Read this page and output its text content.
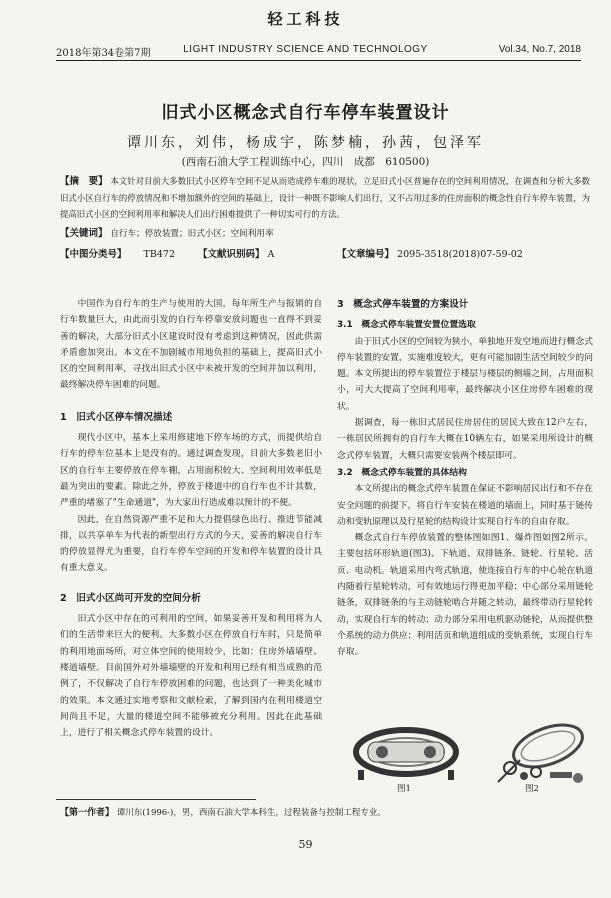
轻工科技
2018年第34卷第7期	LIGHT INDUSTRY SCIENCE AND TECHNOLOGY	Vol.34, No.7, 2018
旧式小区概念式自行车停车装置设计
谭川东，刘伟，杨成宇，陈梦楠，孙茜，包泽军
(西南石油大学工程训练中心，四川　成都　610500)
【摘　要】 本文针对目前大多数旧式小区停车空间不足从而造成停车难的现状，立足旧式小区普遍存在的空间利用情况，在调查和分析大多数旧式小区自行车的停放情况和不增加额外的空间的基础上，设计一种既不影响人们出行，又不占用过多的住房面积的概念性自行车停车装置，为提高旧式小区的空间利用率和解决人们出行困难提供了一种切实可行的方法。
【关键词】 自行车；停放装置；旧式小区；空间利用率
【中图分类号】 TB472 【文献识别码】 A	【文章编号】 2095-3518(2018)07-59-02

中国作为自行车的生产与使用的大国，每年所生产与报销的自行车数量巨大，由此而引发的自行车停靠安放问题也一直得不到妥善的解决，大部分旧式小区建设时没有考虑到这种情况，因此供需矛盾愈加突出。本文在不加剧城市用地负担的基础上，提高旧式小区的空间利用率，寻找出旧式小区中未被开发的空间并加以利用，最终解决停车困难的问题。

1　旧式小区停车情况描述

现代小区中，基本上采用修建地下停车场的方式，而提供给自行车的停车位基本上是没有的。通过调查发现，目前大多数老旧小区的自行车主要停放在停车棚，占用面积较大、空间利用效率低是最为突出的要素。除此之外，停放于楼道中的自行车也不计其数，严重的堵塞了"生命通道"，为大家出行造成难以预计的不便。

因此，在自然资源严重不足和大力提倡绿色出行、推进节能减排，以共享单车为代表的新型出行方式的今天，妥善的解决自行车的停放显得尤为重要，自行车停车空间的开发和停车装置的设计具有重大意义。

2　旧式小区尚可开发的空间分析

旧式小区中存在的可利用的空间，如果妥善开发和利用将为人们的生活带来巨大的便利。大多数小区在停放自行车时，只是简单的利用地面场所，对立体空间的使用较少，比如：住房外墙墙壁、楼道墙壁。目前国外对外墙墙壁的开发和利用已经有相当成熟的范例了，不仅解决了自行车停放困难的问题，也达到了一种美化城市的效果。本文通过实地考察和文献检索，了解到国内在利用楼道空间尚且不足，大量的楼道空间不能够被充分利用。因此在此基础上，进行了相关概念式停车装置的设计。

3　概念式停车装置的方案设计
3.1　概念式停车装置安置位置选取

由于旧式小区的空间较为狭小，单独地开发空地而进行概念式停车装置的安置，实施难度较大，更有可能加剧生活空间较少的问题。本文所提出的停车装置位于楼层与楼层的侧墙之间，占用面积小，可大大提高了空间利用率，最终解决小区住房停车困难的现状。

据调查，每一栋旧式居民住房居住的居民大致在12户左右，一栋居民所拥有的自行车大概在10辆左右，如果采用所设计的概念式停车装置，大概只需要安装两个楼层即可。

3.2　概念式停车装置的具体结构

本文所提出的概念式停车装置在保证不影响居民出行和不存在安全问题的前提下，将自行车安装在楼道的墙面上，同时基于链传动和变轨原理以及行星轮的结构设计实现自行车的自由存取。

概念式自行车停放装置的整体图如图1、爆炸图如图2所示。主要包括环形轨道(图3)、下轨道、双排链条、链轮、行星轮、活页、电动机。轨道采用内弯式轨道，使连接自行车的中心轮在轨道内随着行星轮转动，可有效地运行得更加平稳；中心部分采用链轮链条，双排链条的与主动链轮啮合并随之转动，最终带动行星轮转动，实现自行车的转动；动力部分采用电机驱动链轮，从而提供整个系统的动力供应；利用活页和轨道组成的变轨系统，实现自行车存取。

图1	图2
【第一作者】 谭川东(1996-)，男，西南石油大学本科生，过程装备与控制工程专业。
59
